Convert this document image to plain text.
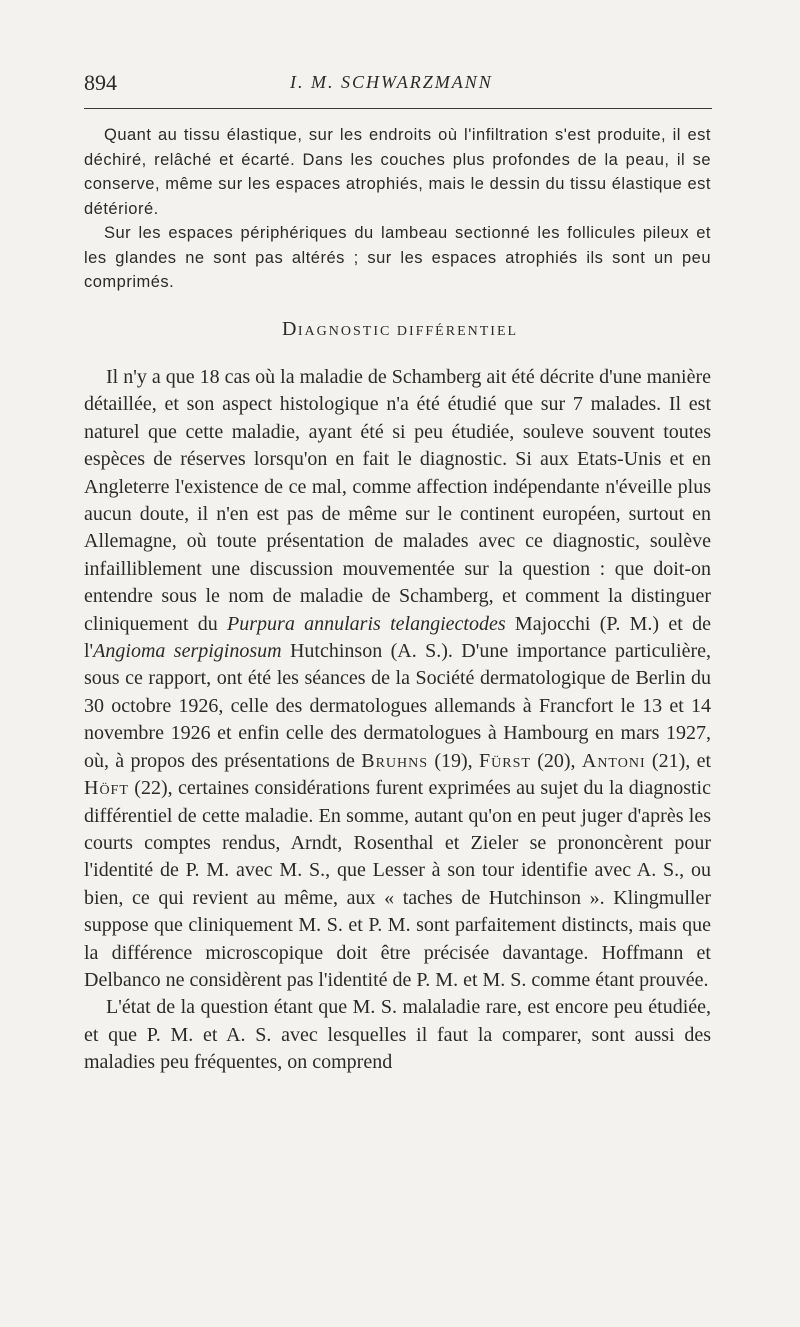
894	I. M. SCHWARZMANN

Quant au tissu élastique, sur les endroits où l'infiltration s'est produite, il est déchiré, relâché et écarté. Dans les couches plus profondes de la peau, il se conserve, même sur les espaces atrophiés, mais le dessin du tissu élastique est détérioré.

Sur les espaces périphériques du lambeau sectionné les follicules pileux et les glandes ne sont pas altérés ; sur les espaces atrophiés ils sont un peu comprimés.

DIAGNOSTIC DIFFÉRENTIEL

Il n'y a que 18 cas où la maladie de Schamberg ait été décrite d'une manière détaillée, et son aspect histologique n'a été étudié que sur 7 malades. Il est naturel que cette maladie, ayant été si peu étudiée, souleve souvent toutes espèces de réserves lorsqu'on en fait le diagnostic. Si aux Etats-Unis et en Angleterre l'existence de ce mal, comme affection indépendante n'éveille plus aucun doute, il n'en est pas de même sur le continent européen, surtout en Allemagne, où toute présentation de malades avec ce diagnostic, soulève infailliblement une discussion mouvementée sur la question : que doit-on entendre sous le nom de maladie de Schamberg, et comment la distinguer cliniquement du Purpura annularis telangiectodes Majocchi (P. M.) et de l'Angioma serpiginosum Hutchinson (A. S.). D'une importance particulière, sous ce rapport, ont été les séances de la Société dermatologique de Berlin du 30 octobre 1926, celle des dermatologues allemands à Francfort le 13 et 14 novembre 1926 et enfin celle des dermatologues à Hambourg en mars 1927, où, à propos des présentations de Bruhns (19), Fürst (20), Antoni (21), et Höft (22), certaines considérations furent exprimées au sujet du la diagnostic différentiel de cette maladie. En somme, autant qu'on en peut juger d'après les courts comptes rendus, Arndt, Rosenthal et Zieler se prononcèrent pour l'identité de P. M. avec M. S., que Lesser à son tour identifie avec A. S., ou bien, ce qui revient au même, aux « taches de Hutchinson ». Klingmuller suppose que cliniquement M. S. et P. M. sont parfaitement distincts, mais que la différence microscopique doit être précisée davantage. Hoffmann et Delbanco ne considèrent pas l'identité de P. M. et M. S. comme étant prouvée.

L'état de la question étant que M. S. malaladie rare, est encore peu étudiée, et que P. M. et A. S. avec lesquelles il faut la comparer, sont aussi des maladies peu fréquentes, on comprend
